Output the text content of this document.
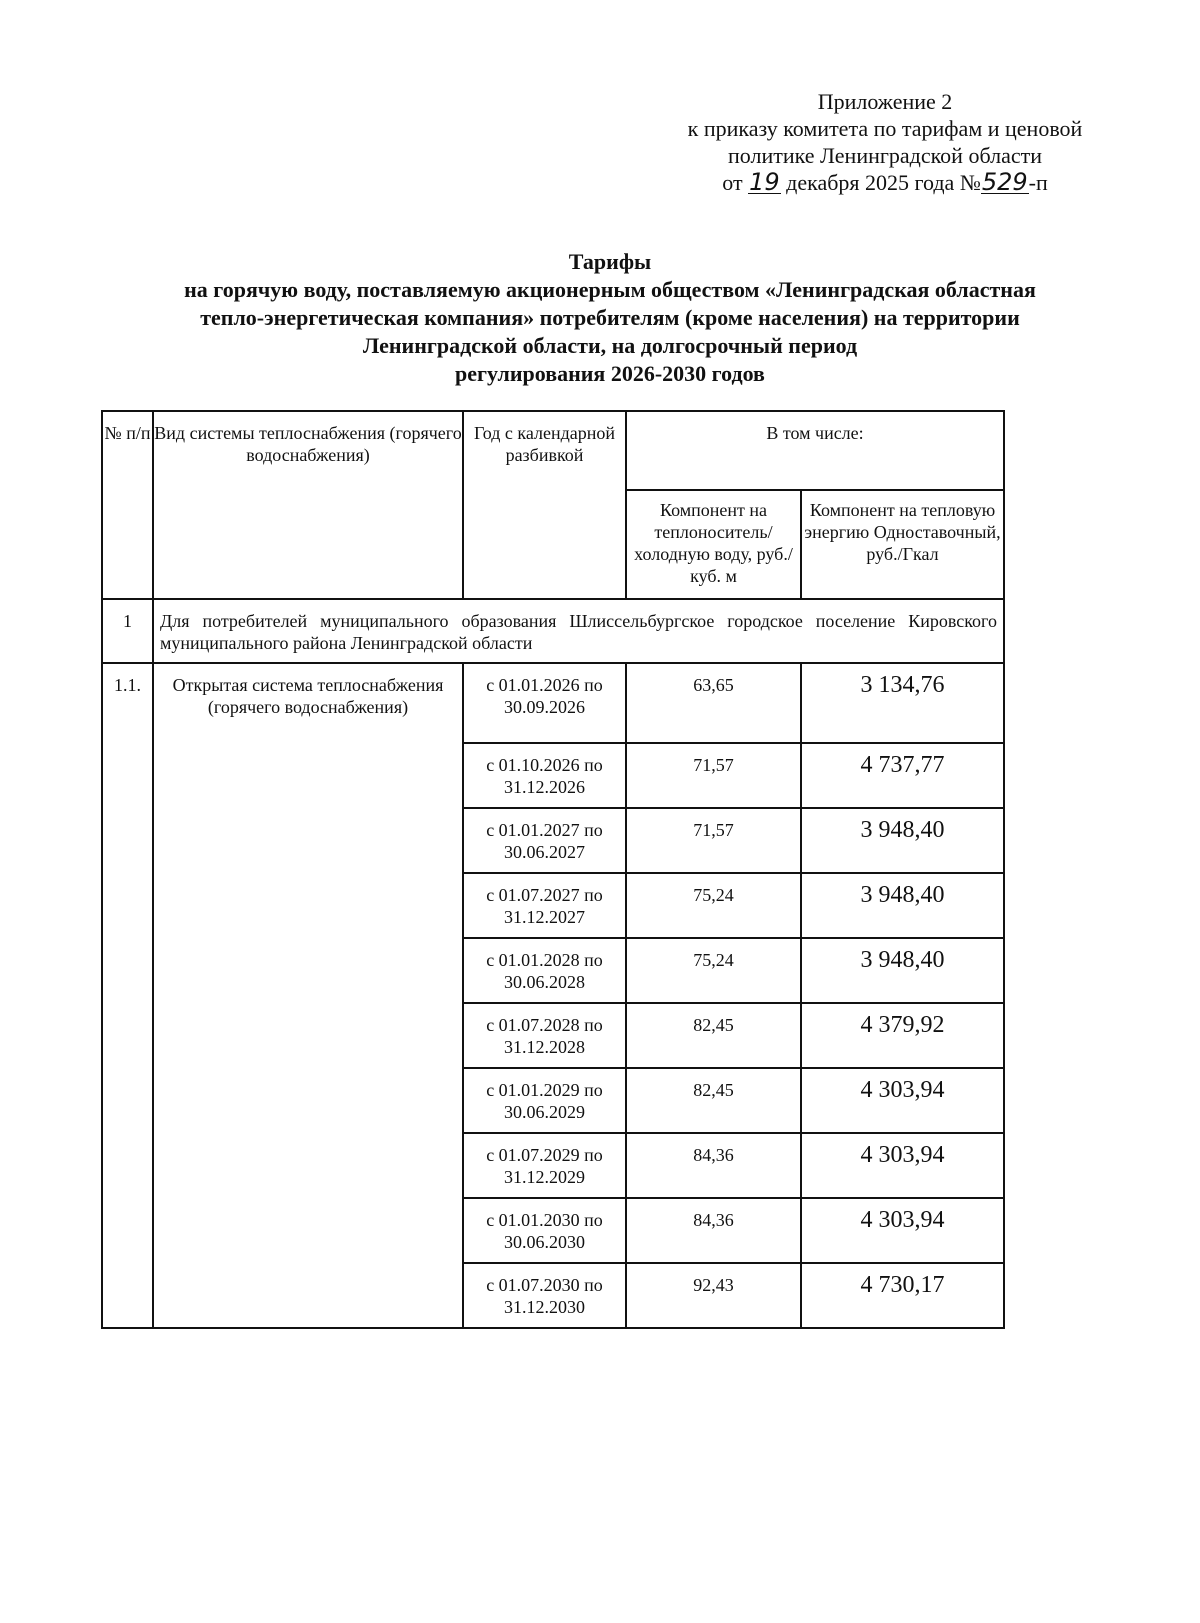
Приложение 2
к приказу комитета по тарифам и ценовой
политике Ленинградской области
от 19 декабря 2025 года №529-п
Тарифы
на горячую воду, поставляемую акционерным обществом «Ленинградская областная
тепло-энергетическая компания» потребителям (кроме населения) на территории
Ленинградской области, на долгосрочный период
регулирования 2026-2030 годов
№ п/п	Вид системы теплоснабжения (горячего водоснабжения)	Год с календарной разбивкой	В том числе:	
			Компонент на теплоноситель/холодную воду, руб./куб. м	Компонент на тепловую энергию Одноставочный, руб./Гкал
1	Для потребителей муниципального образования Шлиссельбургское городское поселение Кировского муниципального района Ленинградской области			
1.1.	Открытая система теплоснабжения (горячего водоснабжения)	с 01.01.2026 по 30.09.2026	63,65	3 134,76
		с 01.10.2026 по 31.12.2026	71,57	4 737,77
		с 01.01.2027 по 30.06.2027	71,57	3 948,40
		с 01.07.2027 по 31.12.2027	75,24	3 948,40
		с 01.01.2028 по 30.06.2028	75,24	3 948,40
		с 01.07.2028 по 31.12.2028	82,45	4 379,92
		с 01.01.2029 по 30.06.2029	82,45	4 303,94
		с 01.07.2029 по 31.12.2029	84,36	4 303,94
		с 01.01.2030 по 30.06.2030	84,36	4 303,94
		с 01.07.2030 по 31.12.2030	92,43	4 730,17
